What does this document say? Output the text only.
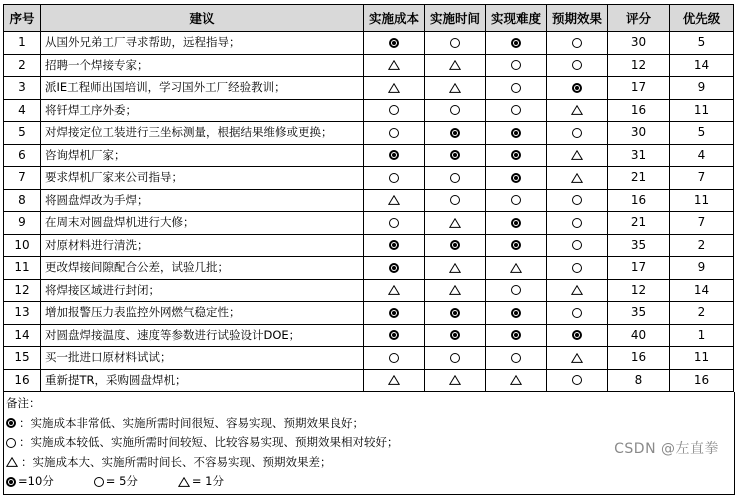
序号	建议	实施成本	实施时间	实现难度	预期效果	评分	优先级
1	从国外兄弟工厂寻求帮助，远程指导；					30	5
2	招聘一个焊接专家；					12	14
3	派IE工程师出国培训，学习国外工厂经验教训；					17	9
4	将钎焊工序外委；					16	11
5	对焊接定位工装进行三坐标测量，根据结果维修或更换；					30	5
6	咨询焊机厂家；					31	4
7	要求焊机厂家来公司指导；					21	7
8	将圆盘焊改为手焊；					16	11
9	在周末对圆盘焊机进行大修；					21	7
10	对原材料进行清洗；					35	2
11	更改焊接间隙配合公差，试验几批；					17	9
12	将焊接区域进行封闭；					12	14
13	增加报警压力表监控外网燃气稳定性；					35	2
14	对圆盘焊接温度、速度等参数进行试验设计DOE；					40	1
15	买一批进口原材料试试；					16	11
16	重新提TR，采购圆盘焊机；					8	16
备注：
：实施成本非常低、实施所需时间很短、容易实现、预期效果良好；
：实施成本较低、实施所需时间较短、比较容易实现、预期效果相对较好；
：实施成本大、实施所需时间长、不容易实现、预期效果差；
=10分	= 5分	= 1分
CSDN @左直拳
